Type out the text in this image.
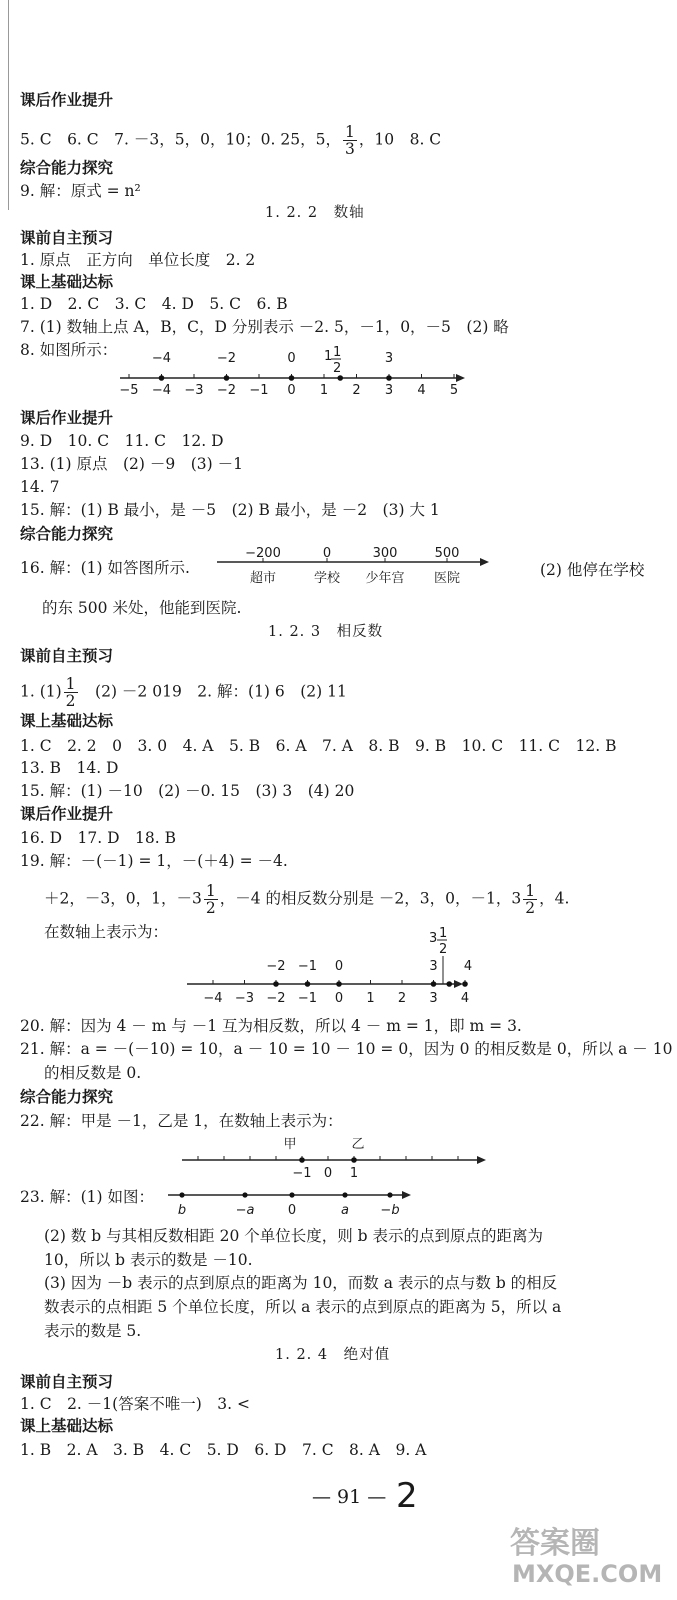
课后作业提升
5. C　6. C　7. －3，5，0，10；0. 25，5， $\frac{1}{3}$ ，10　8. C
综合能力探究
9. 解：原式 = n²
1. 2. 2　数轴
课前自主预习
1. 原点　正方向　单位长度　2. 2
课上基础达标
1. D　2. C　3. C　4. D　5. C　6. B
7. (1) 数轴上点 A，B，C，D 分别表示 －2. 5，－1，0，－5　(2) 略
8. 如图所示：
−5 −4 −3 −2 −1 0 1 2 3 4 5
−4	−2	0	3
1 1
2
课后作业提升
9. D　10. C　11. C　12. D
13. (1) 原点　(2) －9　(3) －1
14. 7
15. 解：(1) B 最小，是 －5　(2) B 最小，是 －2　(3) 大 1
综合能力探究
16. 解：(1) 如答图所示.
−200
超市
0
学校
300
少年宫
500
医院	(2) 他停在学校
的东 500 米处，他能到医院.
1. 2. 3　相反数
课前自主预习
1. $(1) \frac{1}{2}$ 　(2) －2 019　2. 解：(1) 6　(2) 11
课上基础达标
1. C　2. 2　0　3. 0　4. A　5. B　6. A　7. A　8. B　9. B　10. C　11. C　12. B
13. B　14. D
15. 解：(1) －10　(2) －0. 15　(3) 3　(4) 20
课后作业提升
16. D　17. D　18. B
19. 解：－(－1) = 1，－(＋4) = －4.
＋2，－3，0，1，$-3 \frac{1}{2}$ ，－4 的相反数分别是 －2，3，0，－1，$3 \frac{1}{2}$ ，4.
在数轴上表示为：
−4 −3 −2 −1 0 1 2 3 4
−2 −1 0	3 4
3 1
2
20. 解：因为 4 － m 与 －1 互为相反数，所以 4 － m = 1，即 m = 3.
21. 解：a = －(－10) = 10，a － 10 = 10 － 10 = 0，因为 0 的相反数是 0，所以 a － 10
的相反数是 0.
综合能力探究
22. 解：甲是 －1，乙是 1，在数轴上表示为：
−1 0 1
甲	乙
23. 解：(1) 如图：
b	−a	0	a −b
(2) 数 b 与其相反数相距 20 个单位长度，则 b 表示的点到原点的距离为
10，所以 b 表示的数是 －10.
(3) 因为 －b 表示的点到原点的距离为 10，而数 a 表示的点与数 b 的相反
数表示的点相距 5 个单位长度，所以 a 表示的点到原点的距离为 5，所以 a
表示的数是 5.
1. 2. 4　绝对值
课前自主预习
1. C　2. －1(答案不唯一)　3. <
课上基础达标
1. B　2. A　3. B　4. C　5. D　6. D　7. C　8. A　9. A
— 91 — 2
答案圈
MXQE.COM
